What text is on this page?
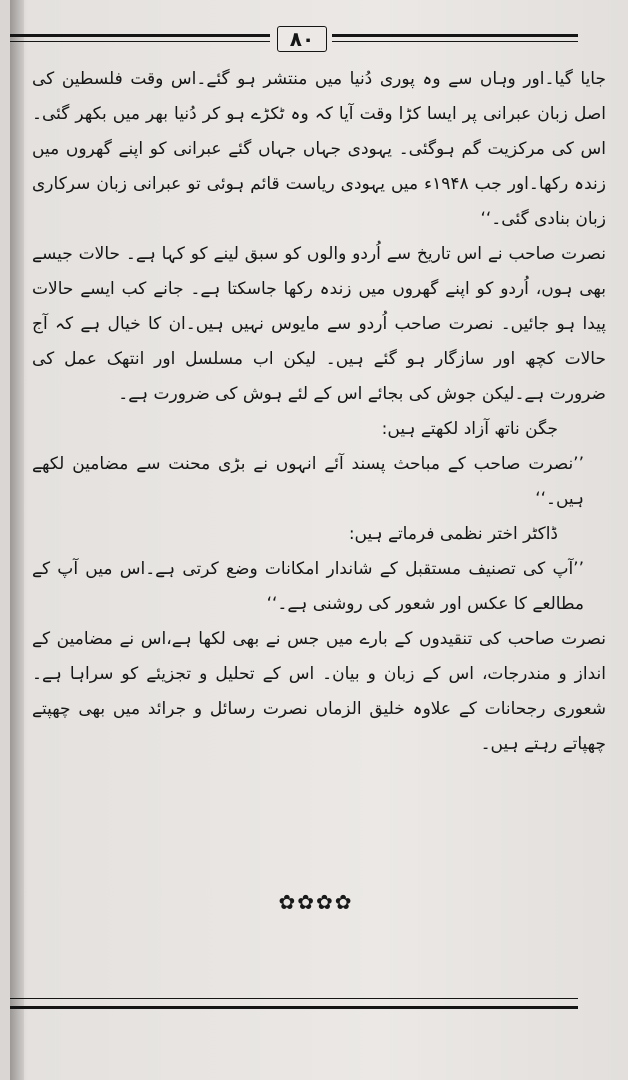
۸۰

جایا گیا۔اور وہاں سے وہ پوری دُنیا میں منتشر ہو گئے۔اس وقت فلسطین کی اصل زبان عبرانی پر ایسا کڑا وقت آیا کہ وہ ٹکڑے ہو کر دُنیا بھر میں بکھر گئی۔ اس کی مرکزیت گم ہوگئی۔ یہودی جہاں جہاں گئے عبرانی کو اپنے گھروں میں زندہ رکھا۔اور جب ۱۹۴۸ء میں یہودی ریاست قائم ہوئی تو عبرانی زبان سرکاری زبان بنادی گئی۔‘‘

نصرت صاحب نے اس تاریخ سے اُردو والوں کو سبق لینے کو کہا ہے۔ حالات جیسے بھی ہوں، اُردو کو اپنے گھروں میں زندہ رکھا جاسکتا ہے۔ جانے کب ایسے حالات پیدا ہو جائیں۔ نصرت صاحب اُردو سے مایوس نہیں ہیں۔ان کا خیال ہے کہ آج حالات کچھ اور سازگار ہو گئے ہیں۔ لیکن اب مسلسل اور انتھک عمل کی ضرورت ہے۔لیکن جوش کی بجائے اس کے لئے ہوش کی ضرورت ہے۔

جگن ناتھ آزاد لکھتے ہیں:

’’نصرت صاحب کے مباحث پسند آئے انہوں نے بڑی محنت سے مضامین لکھے ہیں۔‘‘

ڈاکٹر اختر نظمی فرماتے ہیں:

’’آپ کی تصنیف مستقبل کے شاندار امکانات وضع کرتی ہے۔اس میں آپ کے مطالعے کا عکس اور شعور کی روشنی ہے۔‘‘

نصرت صاحب کی تنقیدوں کے بارے میں جس نے بھی لکھا ہے،اس نے مضامین کے انداز و مندرجات، اس کے زبان و بیان۔ اس کے تحلیل و تجزیئے کو سراہا ہے۔ شعوری رجحانات کے علاوہ خلیق الزماں نصرت رسائل و جرائد میں بھی چھپتے چھپاتے رہتے ہیں۔

✿✿✿✿
